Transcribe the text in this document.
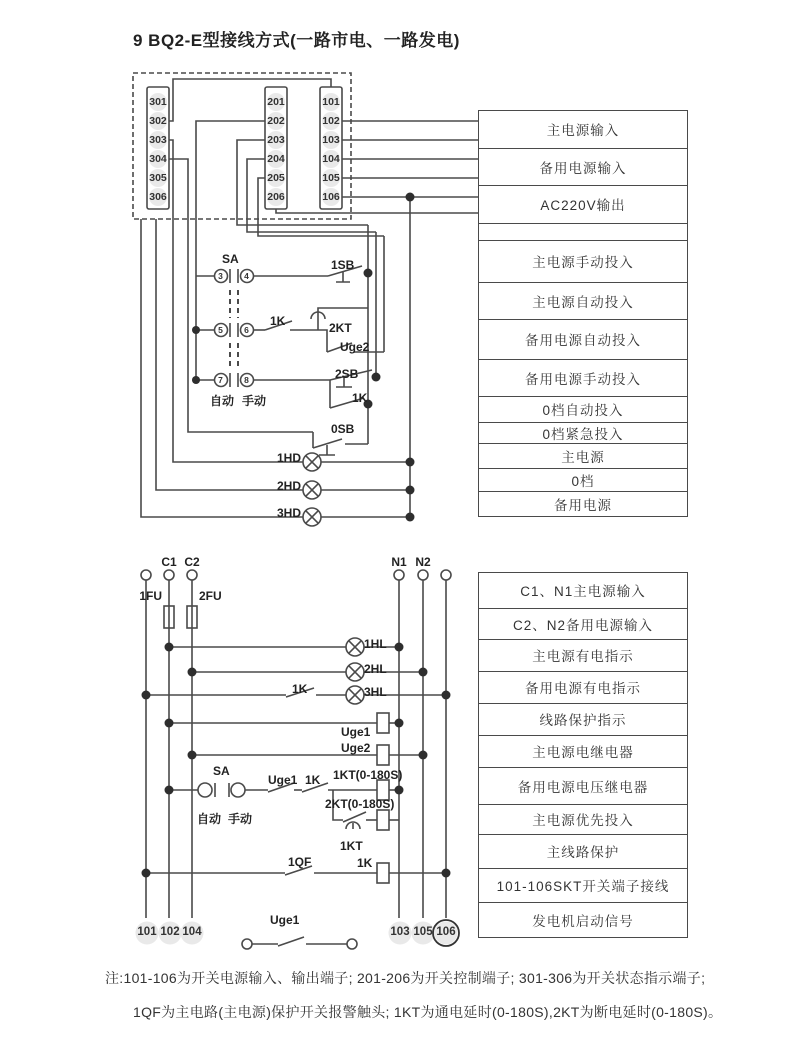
9 BQ2-E型接线方式(一路市电、一路发电)
301
302
303
304
305
306
201
202
203
204
205
206
101
102
103
104
105
106
SA
3	4
5	6
7	8
自动 手动
1SB
1K	2KT
Uge2
2SB
1K
0SB
1HD
2HD
3HD
C1 C2	N1 N2
1FU	2FU
1HL
2HL
3HL
1K
Uge1
Uge2
SA
自动 手动
Uge1 1K 1KT(0-180S)
2KT(0-180S)
1KT
1QF	1K
Uge1
101 102 104	103 105 106
主电源输入
备用电源输入
AC220V输出
主电源手动投入
主电源自动投入
备用电源自动投入
备用电源手动投入
0档自动投入
0档紧急投入
主电源
0档
备用电源
C1、N1主电源输入
C2、N2备用电源输入
主电源有电指示
备用电源有电指示
线路保护指示
主电源电继电器
备用电源电压继电器
主电源优先投入
主线路保护
101-106SKT开关端子接线
发电机启动信号
注:101-106为开关电源输入、输出端子; 201-206为开关控制端子; 301-306为开关状态指示端子;
1QF为主电路(主电源)保护开关报警触头; 1KT为通电延时(0-180S),2KT为断电延时(0-180S)。
